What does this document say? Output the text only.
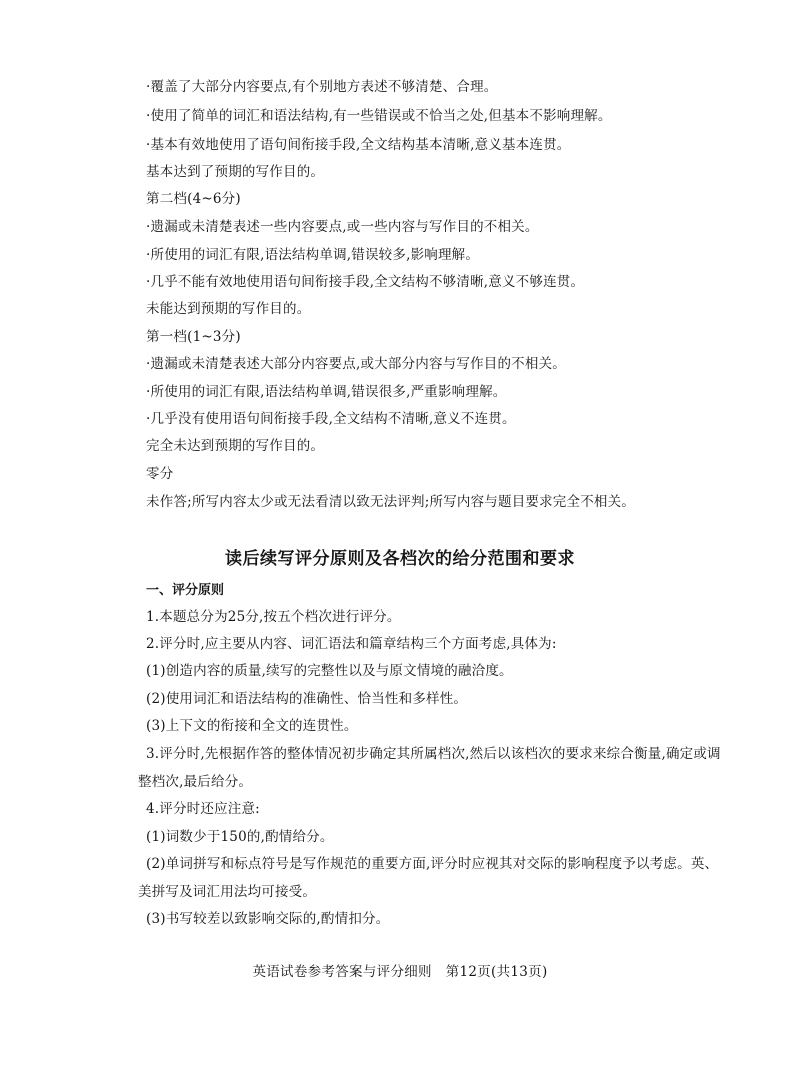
·覆盖了大部分内容要点,有个别地方表述不够清楚、合理。
·使用了简单的词汇和语法结构,有一些错误或不恰当之处,但基本不影响理解。
·基本有效地使用了语句间衔接手段,全文结构基本清晰,意义基本连贯。
基本达到了预期的写作目的。
第二档(4~6分)
·遗漏或未清楚表述一些内容要点,或一些内容与写作目的不相关。
·所使用的词汇有限,语法结构单调,错误较多,影响理解。
·几乎不能有效地使用语句间衔接手段,全文结构不够清晰,意义不够连贯。
未能达到预期的写作目的。
第一档(1~3分)
·遗漏或未清楚表述大部分内容要点,或大部分内容与写作目的不相关。
·所使用的词汇有限,语法结构单调,错误很多,严重影响理解。
·几乎没有使用语句间衔接手段,全文结构不清晰,意义不连贯。
完全未达到预期的写作目的。
零分
未作答;所写内容太少或无法看清以致无法评判;所写内容与题目要求完全不相关。
读后续写评分原则及各档次的给分范围和要求
一、评分原则
1.本题总分为25分,按五个档次进行评分。
2.评分时,应主要从内容、词汇语法和篇章结构三个方面考虑,具体为:
(1)创造内容的质量,续写的完整性以及与原文情境的融洽度。
(2)使用词汇和语法结构的准确性、恰当性和多样性。
(3)上下文的衔接和全文的连贯性。
3.评分时,先根据作答的整体情况初步确定其所属档次,然后以该档次的要求来综合衡量,确定或调
整档次,最后给分。
4.评分时还应注意:
(1)词数少于150的,酌情给分。
(2)单词拼写和标点符号是写作规范的重要方面,评分时应视其对交际的影响程度予以考虑。英、
美拼写及词汇用法均可接受。
(3)书写较差以致影响交际的,酌情扣分。
英语试卷参考答案与评分细则　第12页(共13页)
